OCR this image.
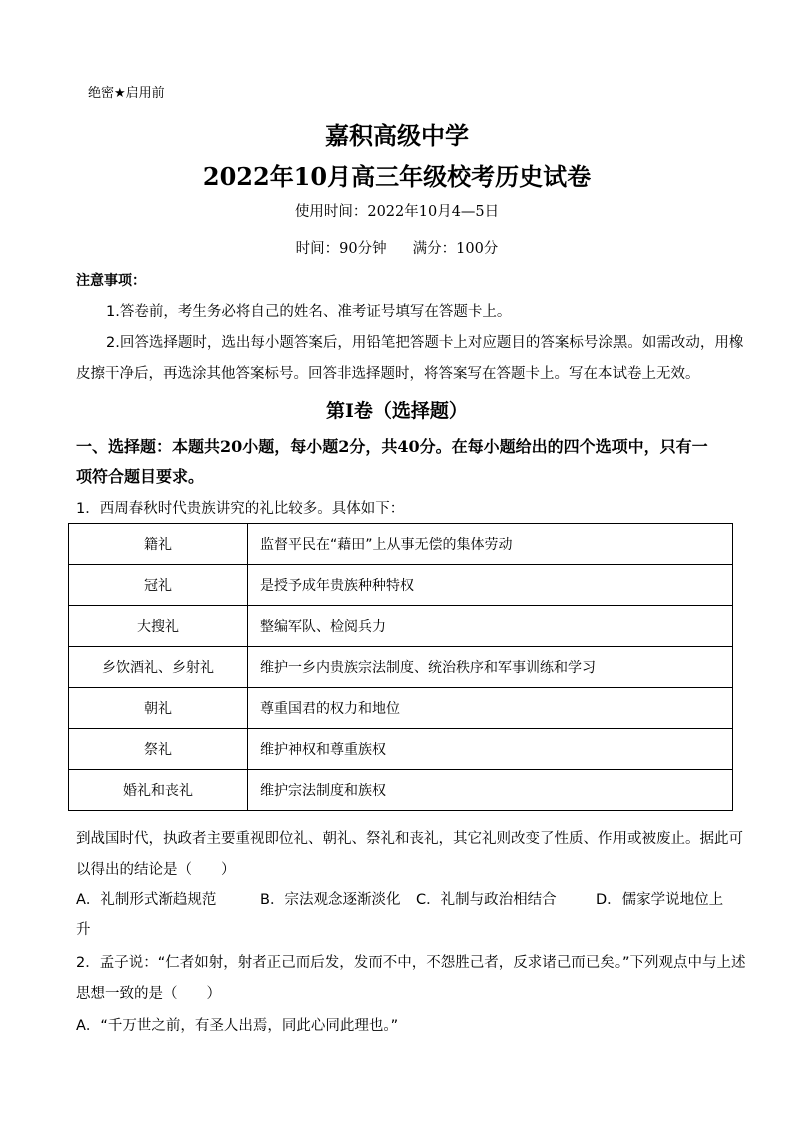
绝密★启用前
嘉积高级中学
2022年10月高三年级校考历史试卷
使用时间：2022年10月4—5日
时间：90分钟 满分：100分
注意事项：
1.答卷前，考生务必将自己的姓名、准考证号填写在答题卡上。
2.回答选择题时，选出每小题答案后，用铅笔把答题卡上对应题目的答案标号涂黑。如需改动，用橡
皮擦干净后，再选涂其他答案标号。回答非选择题时，将答案写在答题卡上。写在本试卷上无效。
第Ⅰ卷（选择题）
一、选择题：本题共20小题，每小题2分，共40分。在每小题给出的四个选项中，只有一
项符合题目要求。
1．西周春秋时代贵族讲究的礼比较多。具体如下：
籍礼	监督平民在“藉田”上从事无偿的集体劳动
冠礼	是授予成年贵族种种特权
大搜礼	整编军队、检阅兵力
乡饮酒礼、乡射礼	维护一乡内贵族宗法制度、统治秩序和军事训练和学习
朝礼	尊重国君的权力和地位
祭礼	维护神权和尊重族权
婚礼和丧礼	维护宗法制度和族权
到战国时代，执政者主要重视即位礼、朝礼、祭礼和丧礼，其它礼则改变了性质、作用或被废止。据此可
以得出的结论是（　　）
A．礼制形式渐趋规范	B．宗法观念逐渐淡化 C．礼制与政治相结合	D．儒家学说地位上
升
2．孟子说：“仁者如射，射者正己而后发，发而不中，不怨胜己者，反求诸己而已矣。”下列观点中与上述
思想一致的是（　　）
A．“千万世之前，有圣人出焉，同此心同此理也。”
